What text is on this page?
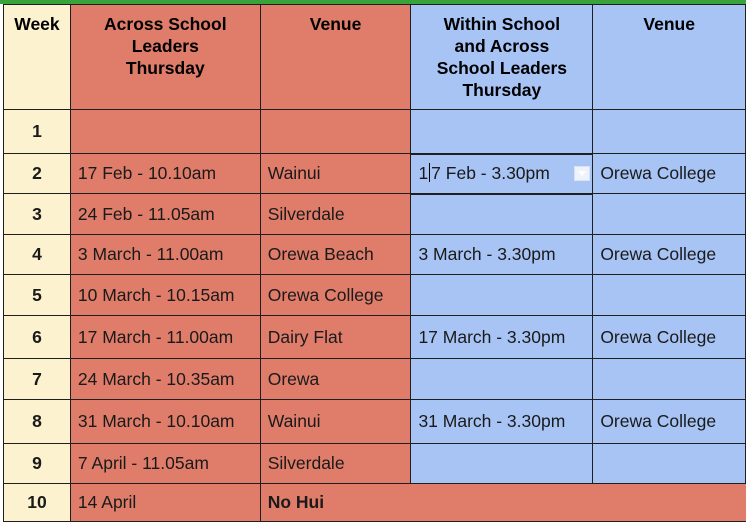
Week	Across School Leaders Thursday	Venue	Within School and Across School Leaders Thursday	Venue
1				
2	17 Feb - 10.10am	Wainui	1 7 Feb - 3.30pm	Orewa College
3	24 Feb - 11.05am	Silverdale		
4	3 March - 11.00am	Orewa Beach	3 March - 3.30pm	Orewa College
5	10 March - 10.15am	Orewa College		
6	17 March - 11.00am	Dairy Flat	17 March - 3.30pm	Orewa College
7	24 March - 10.35am	Orewa		
8	31 March - 10.10am	Wainui	31 March - 3.30pm	Orewa College
9	7 April - 11.05am	Silverdale		
10	14 April	No Hui		
